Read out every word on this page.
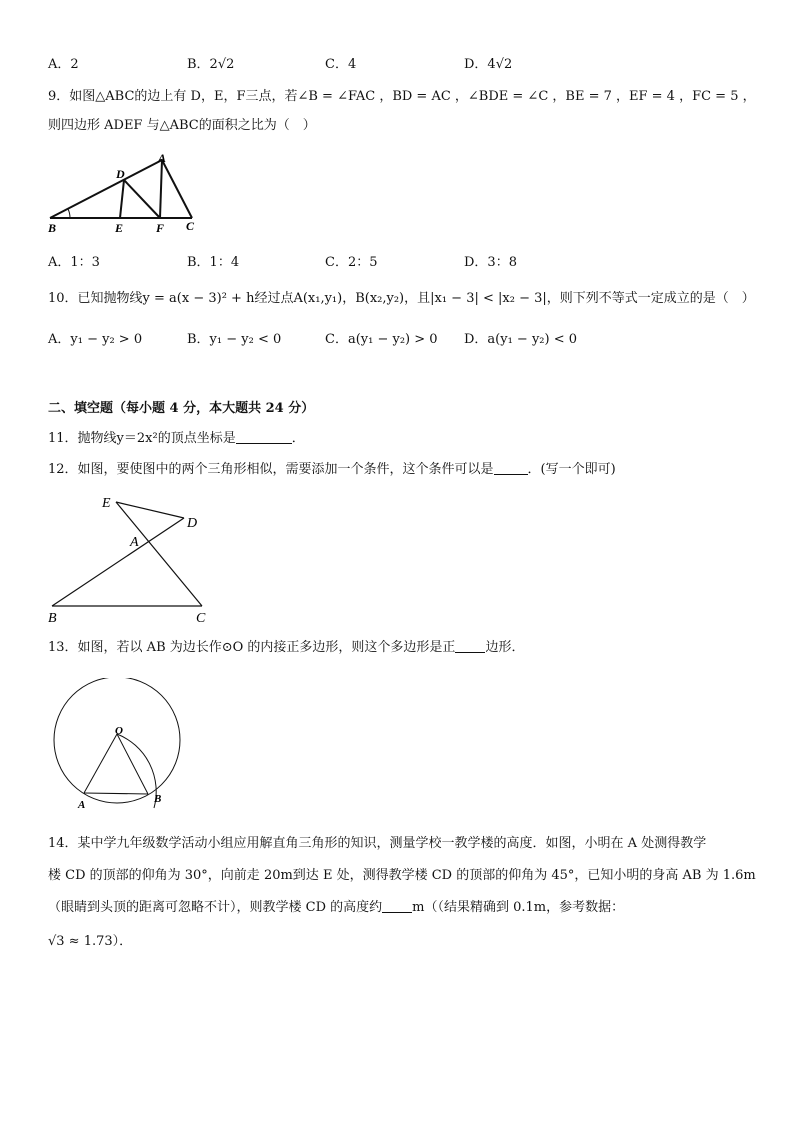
A．2	B．2√2	C．4	D．4√2
9．如图△ABC的边上有 D，E，F三点，若∠B = ∠FAC ，BD = AC ，∠BDE = ∠C ，BE = 7 ，EF = 4 ，FC = 5 ，
则四边形 ADEF 与△ABC的面积之比为（　）
A
D
B	E	F C
A．1：3	B．1：4	C．2：5	D．3：8
10．已知抛物线y = a(x − 3)² + h经过点A(x₁,y₁)，B(x₂,y₂)，且|x₁ − 3| < |x₂ − 3|，则下列不等式一定成立的是（　）
A．y₁ − y₂ > 0	B．y₁ − y₂ < 0	C．a(y₁ − y₂) > 0 D．a(y₁ − y₂) < 0
二、填空题（每小题 4 分，本大题共 24 分）
11．抛物线y＝2x²的顶点坐标是	．
12．如图，要使图中的两个三角形相似，需要添加一个条件，这个条件可以是	．(写一个即可)
E
D
A
B	C
13．如图，若以 AB 为边长作⊙O 的内接正多边形，则这个多边形是正 边形．
O
A	B
14．某中学九年级数学活动小组应用解直角三角形的知识，测量学校一教学楼的高度．如图，小明在 A 处测得教学
楼 CD 的顶部的仰角为 30°，向前走 20m到达 E 处，测得教学楼 CD 的顶部的仰角为 45°，已知小明的身高 AB 为 1.6m
（眼睛到头顶的距离可忽略不计），则教学楼 CD 的高度约 m（（结果精确到 0.1m，参考数据：
√3 ≈ 1.73）．
